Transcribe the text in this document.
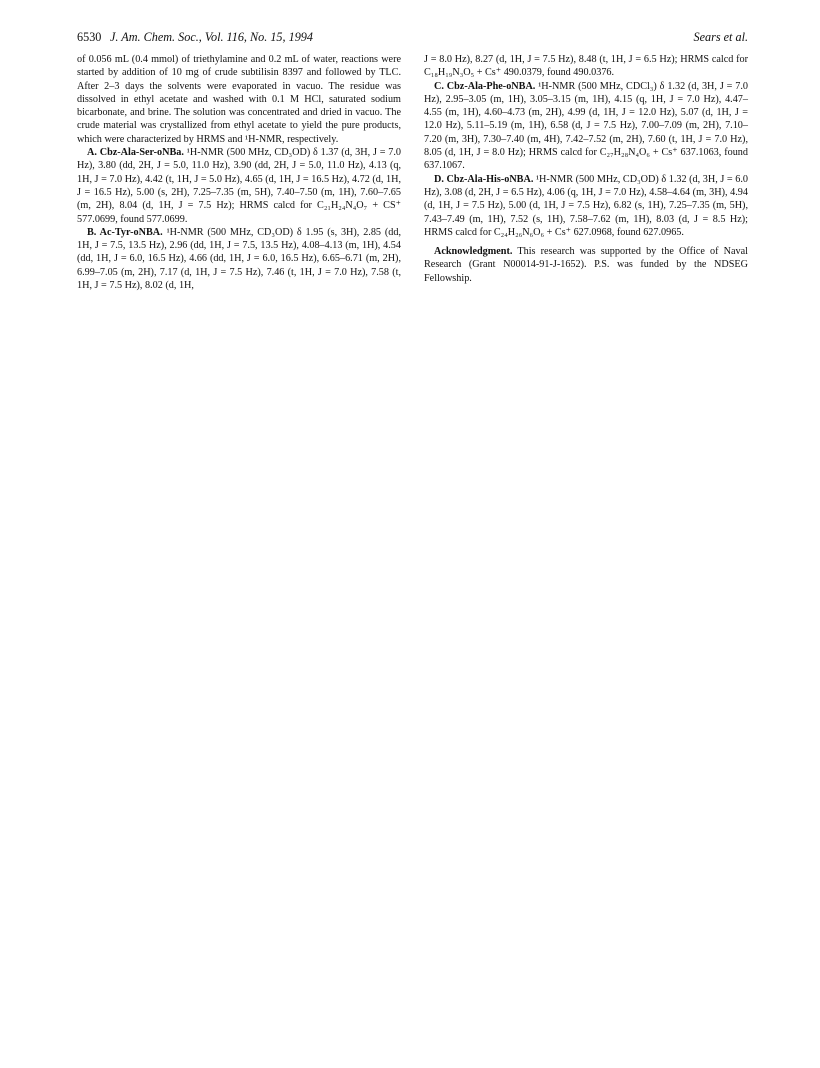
6530 J. Am. Chem. Soc., Vol. 116, No. 15, 1994	Sears et al.

of 0.056 mL (0.4 mmol) of triethylamine and 0.2 mL of water, reactions were started by addition of 10 mg of crude subtilisin 8397 and followed by TLC. After 2–3 days the solvents were evaporated in vacuo. The residue was dissolved in ethyl acetate and washed with 0.1 M HCl, saturated sodium bicarbonate, and brine. The solution was concentrated and dried in vacuo. The crude material was crystallized from ethyl acetate to yield the pure products, which were characterized by HRMS and ¹H-NMR, respectively.

A. Cbz-Ala-Ser-oNBa. ¹H-NMR (500 MHz, CD₃OD) δ 1.37 (d, 3H, J = 7.0 Hz), 3.80 (dd, 2H, J = 5.0, 11.0 Hz), 3.90 (dd, 2H, J = 5.0, 11.0 Hz), 4.13 (q, 1H, J = 7.0 Hz), 4.42 (t, 1H, J = 5.0 Hz), 4.65 (d, 1H, J = 16.5 Hz), 4.72 (d, 1H, J = 16.5 Hz), 5.00 (s, 2H), 7.25–7.35 (m, 5H), 7.40–7.50 (m, 1H), 7.60–7.65 (m, 2H), 8.04 (d, 1H, J = 7.5 Hz); HRMS calcd for C₂₁H₂₄N₄O₇ + CS⁺ 577.0699, found 577.0699.

B. Ac-Tyr-oNBA. ¹H-NMR (500 MHz, CD₃OD) δ 1.95 (s, 3H), 2.85 (dd, 1H, J = 7.5, 13.5 Hz), 2.96 (dd, 1H, J = 7.5, 13.5 Hz), 4.08–4.13 (m, 1H), 4.54 (dd, 1H, J = 6.0, 16.5 Hz), 4.66 (dd, 1H, J = 6.0, 16.5 Hz), 6.65–6.71 (m, 2H), 6.99–7.05 (m, 2H), 7.17 (d, 1H, J = 7.5 Hz), 7.46 (t, 1H, J = 7.0 Hz), 7.58 (t, 1H, J = 7.5 Hz), 8.02 (d, 1H,

J = 8.0 Hz), 8.27 (d, 1H, J = 7.5 Hz), 8.48 (t, 1H, J = 6.5 Hz); HRMS calcd for C₁₈H₁₉N₃O₅ + Cs⁺ 490.0379, found 490.0376.

C. Cbz-Ala-Phe-oNBA. ¹H-NMR (500 MHz, CDCl₃) δ 1.32 (d, 3H, J = 7.0 Hz), 2.95–3.05 (m, 1H), 3.05–3.15 (m, 1H), 4.15 (q, 1H, J = 7.0 Hz), 4.47–4.55 (m, 1H), 4.60–4.73 (m, 2H), 4.99 (d, 1H, J = 12.0 Hz), 5.07 (d, 1H, J = 12.0 Hz), 5.11–5.19 (m, 1H), 6.58 (d, J = 7.5 Hz), 7.00–7.09 (m, 2H), 7.10–7.20 (m, 3H), 7.30–7.40 (m, 4H), 7.42–7.52 (m, 2H), 7.60 (t, 1H, J = 7.0 Hz), 8.05 (d, 1H, J = 8.0 Hz); HRMS calcd for C₂₇H₂₈N₄O₆ + Cs⁺ 637.1063, found 637.1067.

D. Cbz-Ala-His-oNBA. ¹H-NMR (500 MHz, CD₃OD) δ 1.32 (d, 3H, J = 6.0 Hz), 3.08 (d, 2H, J = 6.5 Hz), 4.06 (q, 1H, J = 7.0 Hz), 4.58–4.64 (m, 3H), 4.94 (d, 1H, J = 7.5 Hz), 5.00 (d, 1H, J = 7.5 Hz), 6.82 (s, 1H), 7.25–7.35 (m, 5H), 7.43–7.49 (m, 1H), 7.52 (s, 1H), 7.58–7.62 (m, 1H), 8.03 (d, J = 8.5 Hz); HRMS calcd for C₂₄H₂₆N₆O₆ + Cs⁺ 627.0968, found 627.0965.

Acknowledgment. This research was supported by the Office of Naval Research (Grant N00014-91-J-1652). P.S. was funded by the NDSEG Fellowship.
